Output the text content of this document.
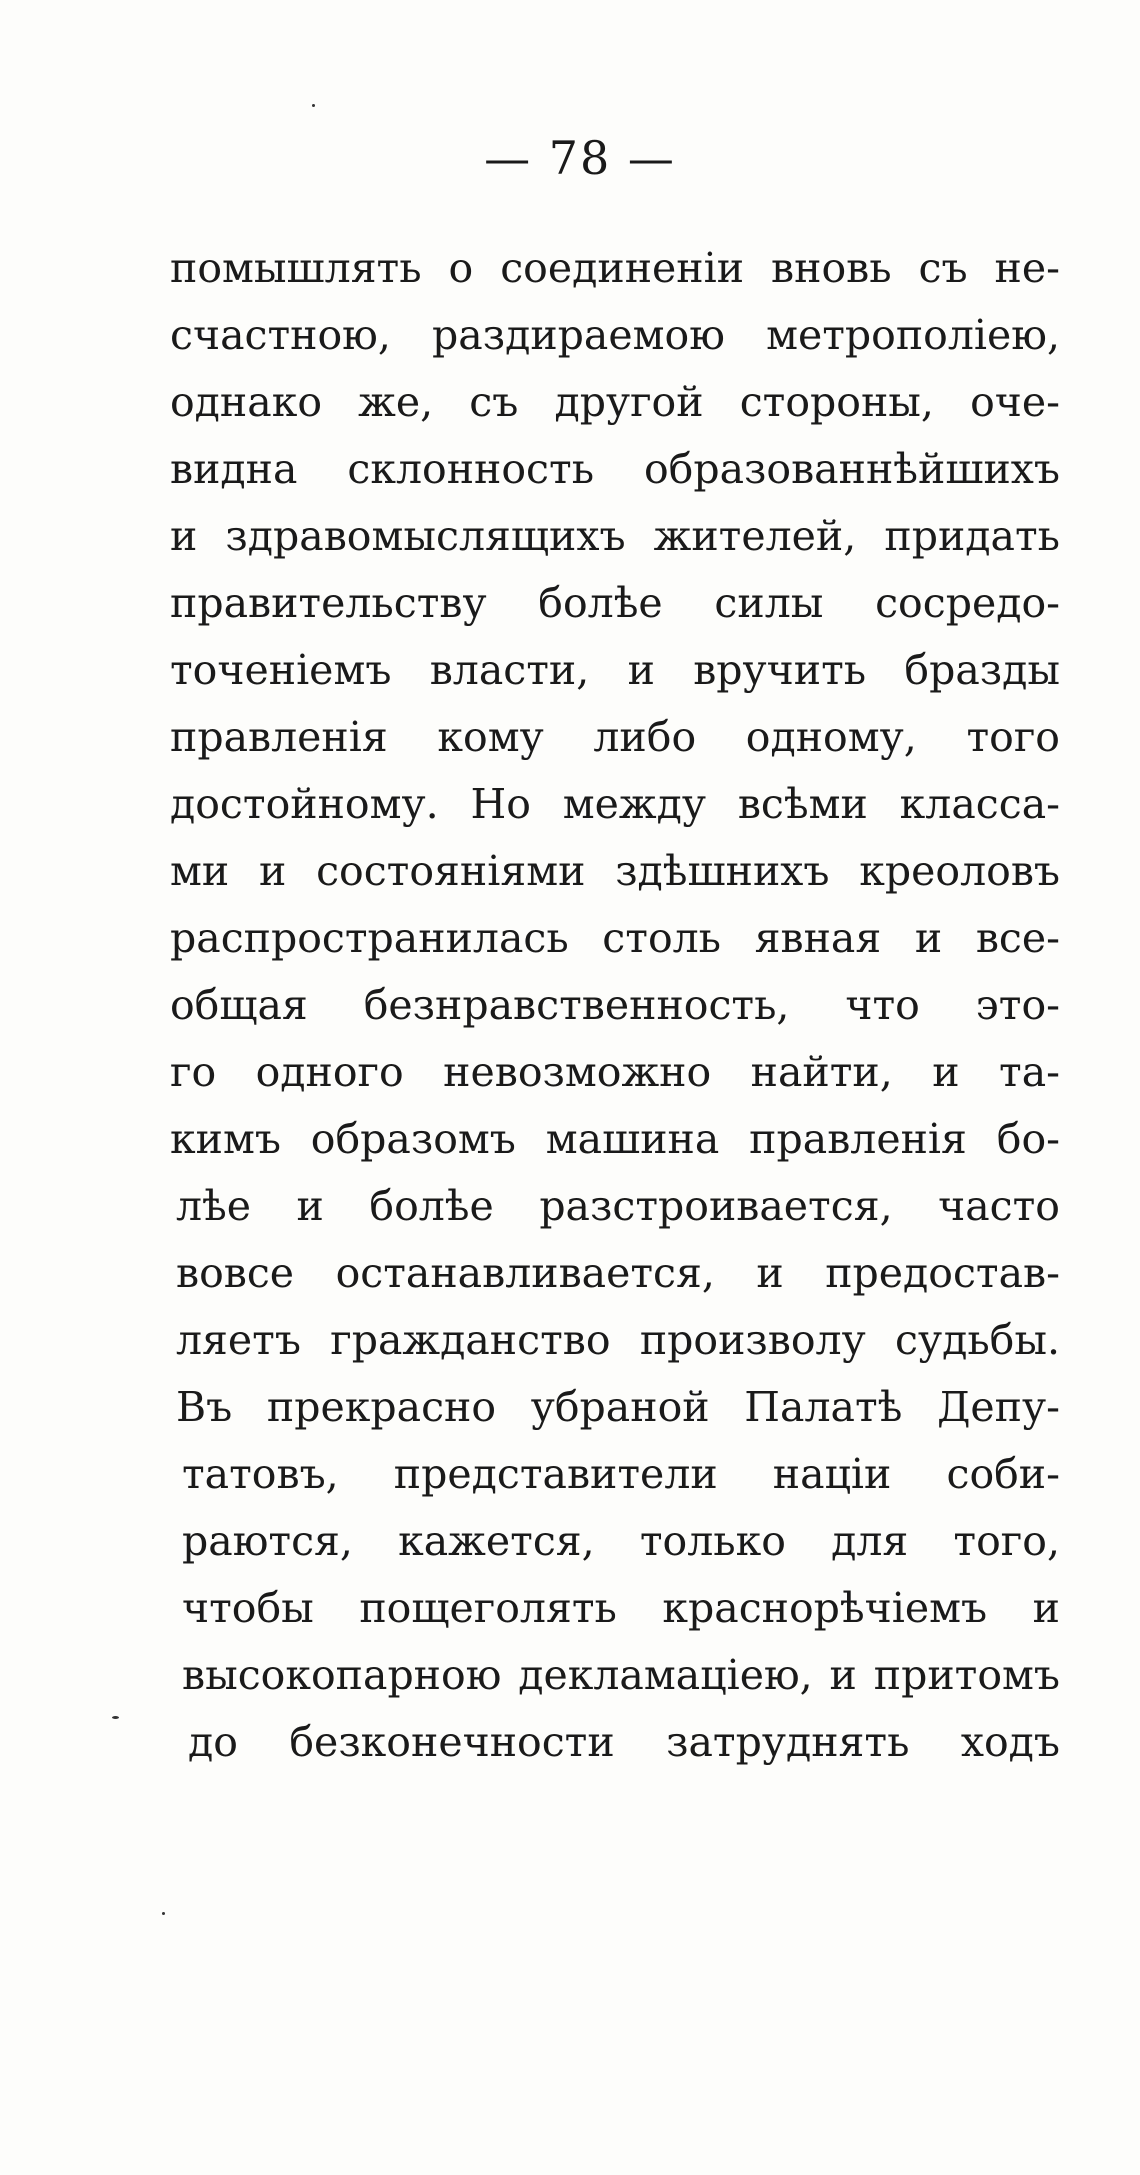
— 78 —
помышлять о соединеніи вновь съ не-
счастною, раздираемою метрополіею,
однако же, съ другой стороны, оче-
видна склонность образованнѣйшихъ
и здравомыслящихъ жителей, придать
правительству болѣе силы сосредо-
точеніемъ власти, и вручить бразды
правленія кому либо одному, того
достойному. Но между всѣми класса-
ми и состояніями здѣшнихъ креоловъ
распространилась столь явная и все-
общая безнравственность, что это-
го одного невозможно найти, и та-
кимъ образомъ машина правленія бо-
лѣе и болѣе разстроивается, часто
вовсе останавливается, и предостав-
ляетъ гражданство произволу судьбы.
Въ прекрасно убраной Палатѣ Депу-
татовъ, представители націи соби-
раются, кажется, только для того,
чтобы пощеголять краснорѣчіемъ и
высокопарною декламаціею, и притомъ
до безконечности затруднять ходъ
